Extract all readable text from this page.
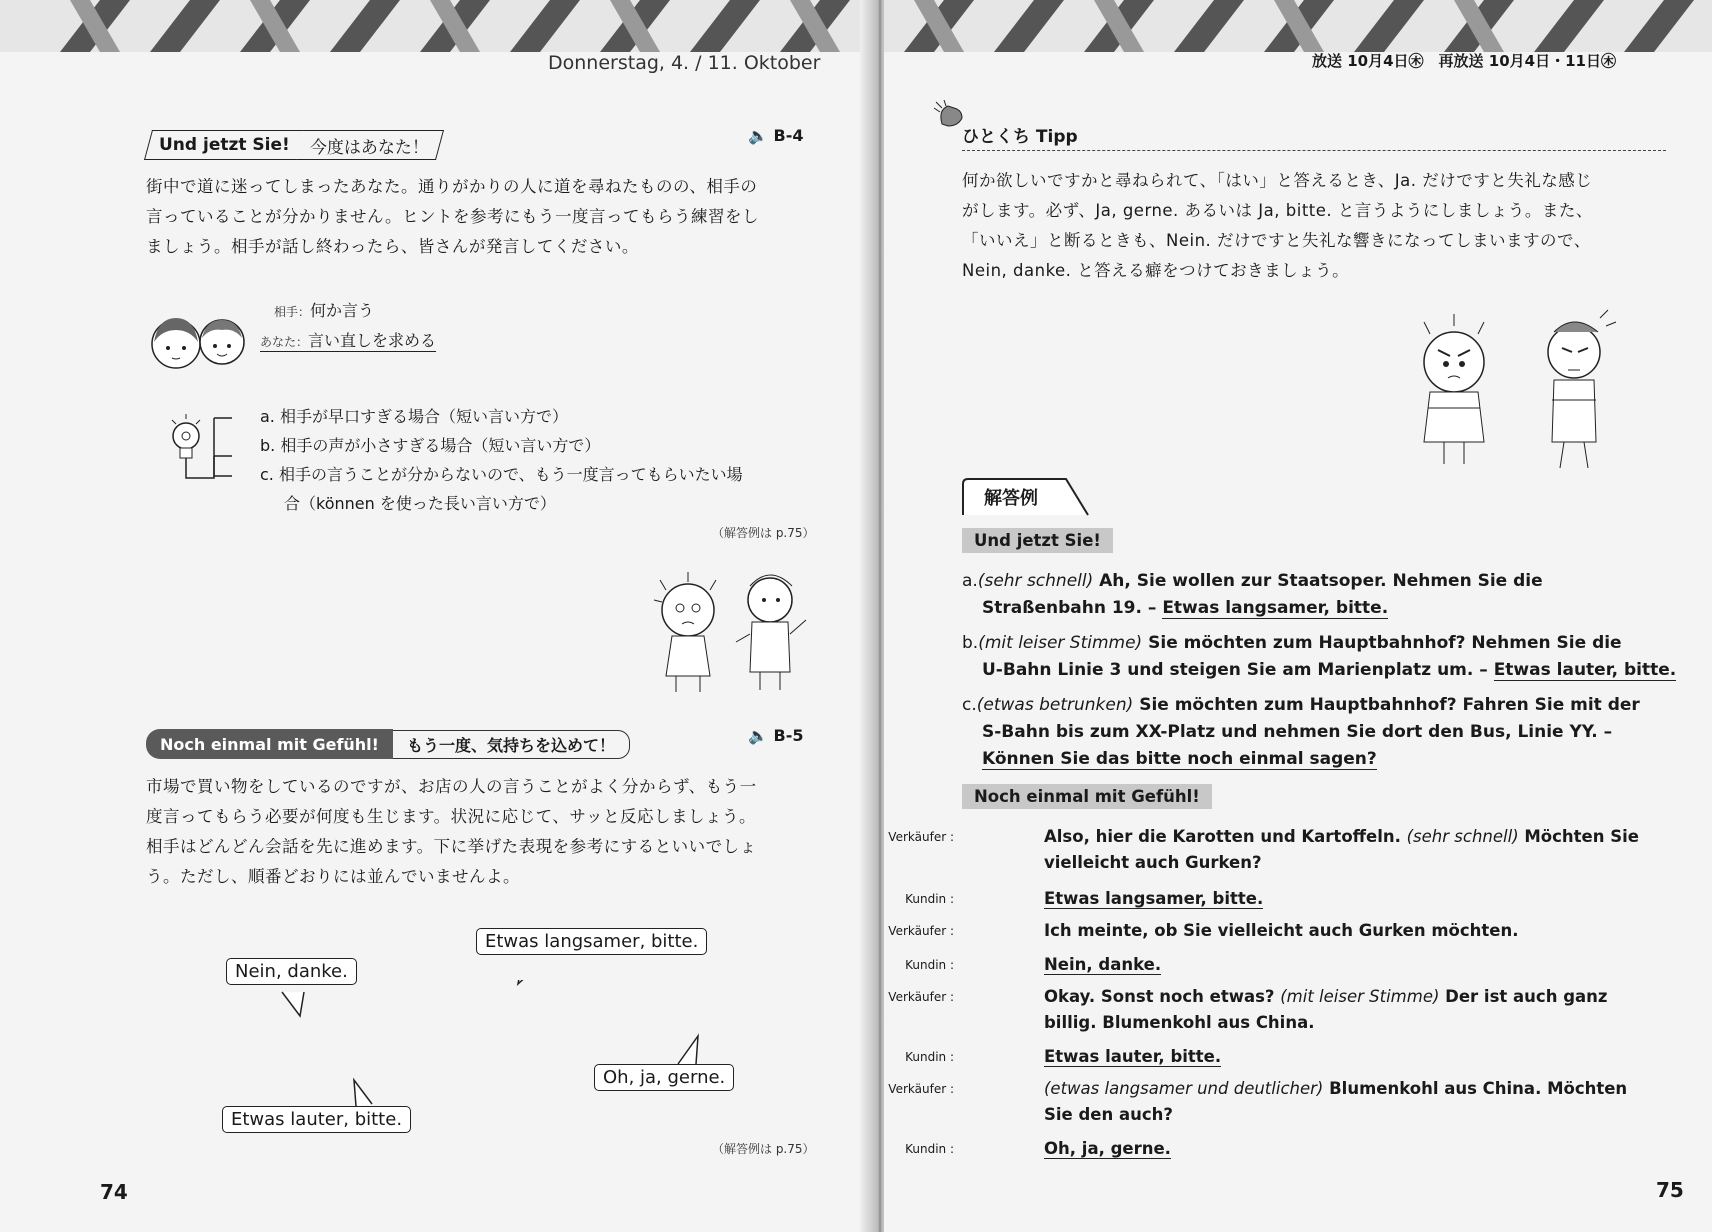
Donnerstag, 4. / 11. Oktober
Und jetzt Sie! 今度はあなた！
🔈 B-4
街中で道に迷ってしまったあなた。通りがかりの人に道を尋ねたものの、相手の
言っていることが分かりません。ヒントを参考にもう一度言ってもらう練習をし
ましょう。相手が話し終わったら、皆さんが発言してください。
相手：何か言う
あなた：言い直しを求める
a. 相手が早口すぎる場合（短い言い方で）
b. 相手の声が小さすぎる場合（短い言い方で）
c. 相手の言うことが分からないので、もう一度言ってもらいたい場
合（können を使った長い言い方で）
（解答例は p.75）
Noch einmal mit Gefühl!	もう一度、気持ちを込めて！	🔈 B-5
市場で買い物をしているのですが、お店の人の言うことがよく分からず、もう一
度言ってもらう必要が何度も生じます。状況に応じて、サッと反応しましょう。
相手はどんどん会話を先に進めます。下に挙げた表現を参考にするといいでしょ
う。ただし、順番どおりには並んでいませんよ。
Etwas langsamer, bitte.
Nein, danke.
Oh, ja, gerne.
Etwas lauter, bitte.
（解答例は p.75）
74
放送 10月4日㊍　再放送 10月4日・11日㊍
ひとくち Tipp
何か欲しいですかと尋ねられて、「はい」と答えるとき、Ja. だけですと失礼な感じ
がします。必ず、Ja, gerne. あるいは Ja, bitte. と言うようにしましょう。また、
「いいえ」と断るときも、Nein. だけですと失礼な響きになってしまいますので、
Nein, danke. と答える癖をつけておきましょう。
解答例
Und jetzt Sie!
a.(sehr schnell) Ah, Sie wollen zur Staatsoper. Nehmen Sie die
Straßenbahn 19. – Etwas langsamer, bitte.
b.(mit leiser Stimme) Sie möchten zum Hauptbahnhof? Nehmen Sie die
U-Bahn Linie 3 und steigen Sie am Marienplatz um. – Etwas lauter, bitte.
c.(etwas betrunken) Sie möchten zum Hauptbahnhof? Fahren Sie mit der
S-Bahn bis zum XX-Platz und nehmen Sie dort den Bus, Linie YY. –
Können Sie das bitte noch einmal sagen?
Noch einmal mit Gefühl!
Verkäufer :	Also, hier die Karotten und Kartoffeln. (sehr schnell) Möchten Sie
vielleicht auch Gurken?
Kundin :	Etwas langsamer, bitte.
Verkäufer :	Ich meinte, ob Sie vielleicht auch Gurken möchten.
Kundin :	Nein, danke.
Verkäufer :	Okay. Sonst noch etwas? (mit leiser Stimme) Der ist auch ganz
billig. Blumenkohl aus China.
Kundin :	Etwas lauter, bitte.
Verkäufer :	(etwas langsamer und deutlicher) Blumenkohl aus China. Möchten
Sie den auch?
Kundin :	Oh, ja, gerne.
75
